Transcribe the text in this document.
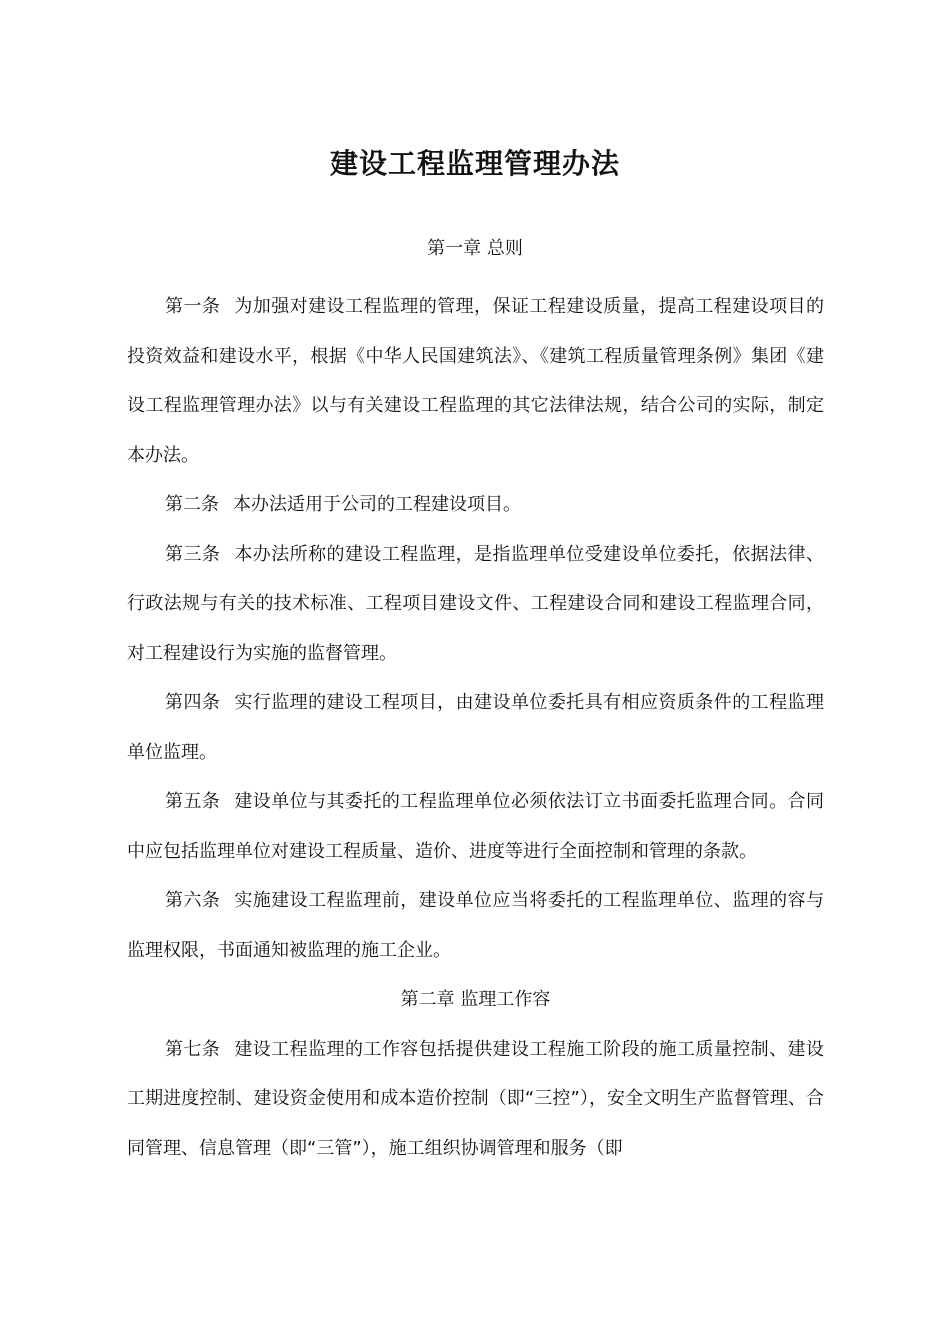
建设工程监理管理办法
第一章 总则

第一条 为加强对建设工程监理的管理，保证工程建设质量，提高工程建设项目的投资效益和建设水平，根据《中华人民国建筑法》、《建筑工程质量管理条例》集团《建设工程监理管理办法》以与有关建设工程监理的其它法律法规，结合公司的实际，制定本办法。

第二条 本办法适用于公司的工程建设项目。

第三条 本办法所称的建设工程监理，是指监理单位受建设单位委托，依据法律、行政法规与有关的技术标准、工程项目建设文件、工程建设合同和建设工程监理合同，对工程建设行为实施的监督管理。

第四条 实行监理的建设工程项目，由建设单位委托具有相应资质条件的工程监理单位监理。

第五条 建设单位与其委托的工程监理单位必须依法订立书面委托监理合同。合同中应包括监理单位对建设工程质量、造价、进度等进行全面控制和管理的条款。

第六条 实施建设工程监理前，建设单位应当将委托的工程监理单位、监理的容与监理权限，书面通知被监理的施工企业。

第二章 监理工作容

第七条 建设工程监理的工作容包括提供建设工程施工阶段的施工质量控制、建设工期进度控制、建设资金使用和成本造价控制（即“三控”），安全文明生产监督管理、合同管理、信息管理（即“三管”），施工组织协调管理和服务（即
